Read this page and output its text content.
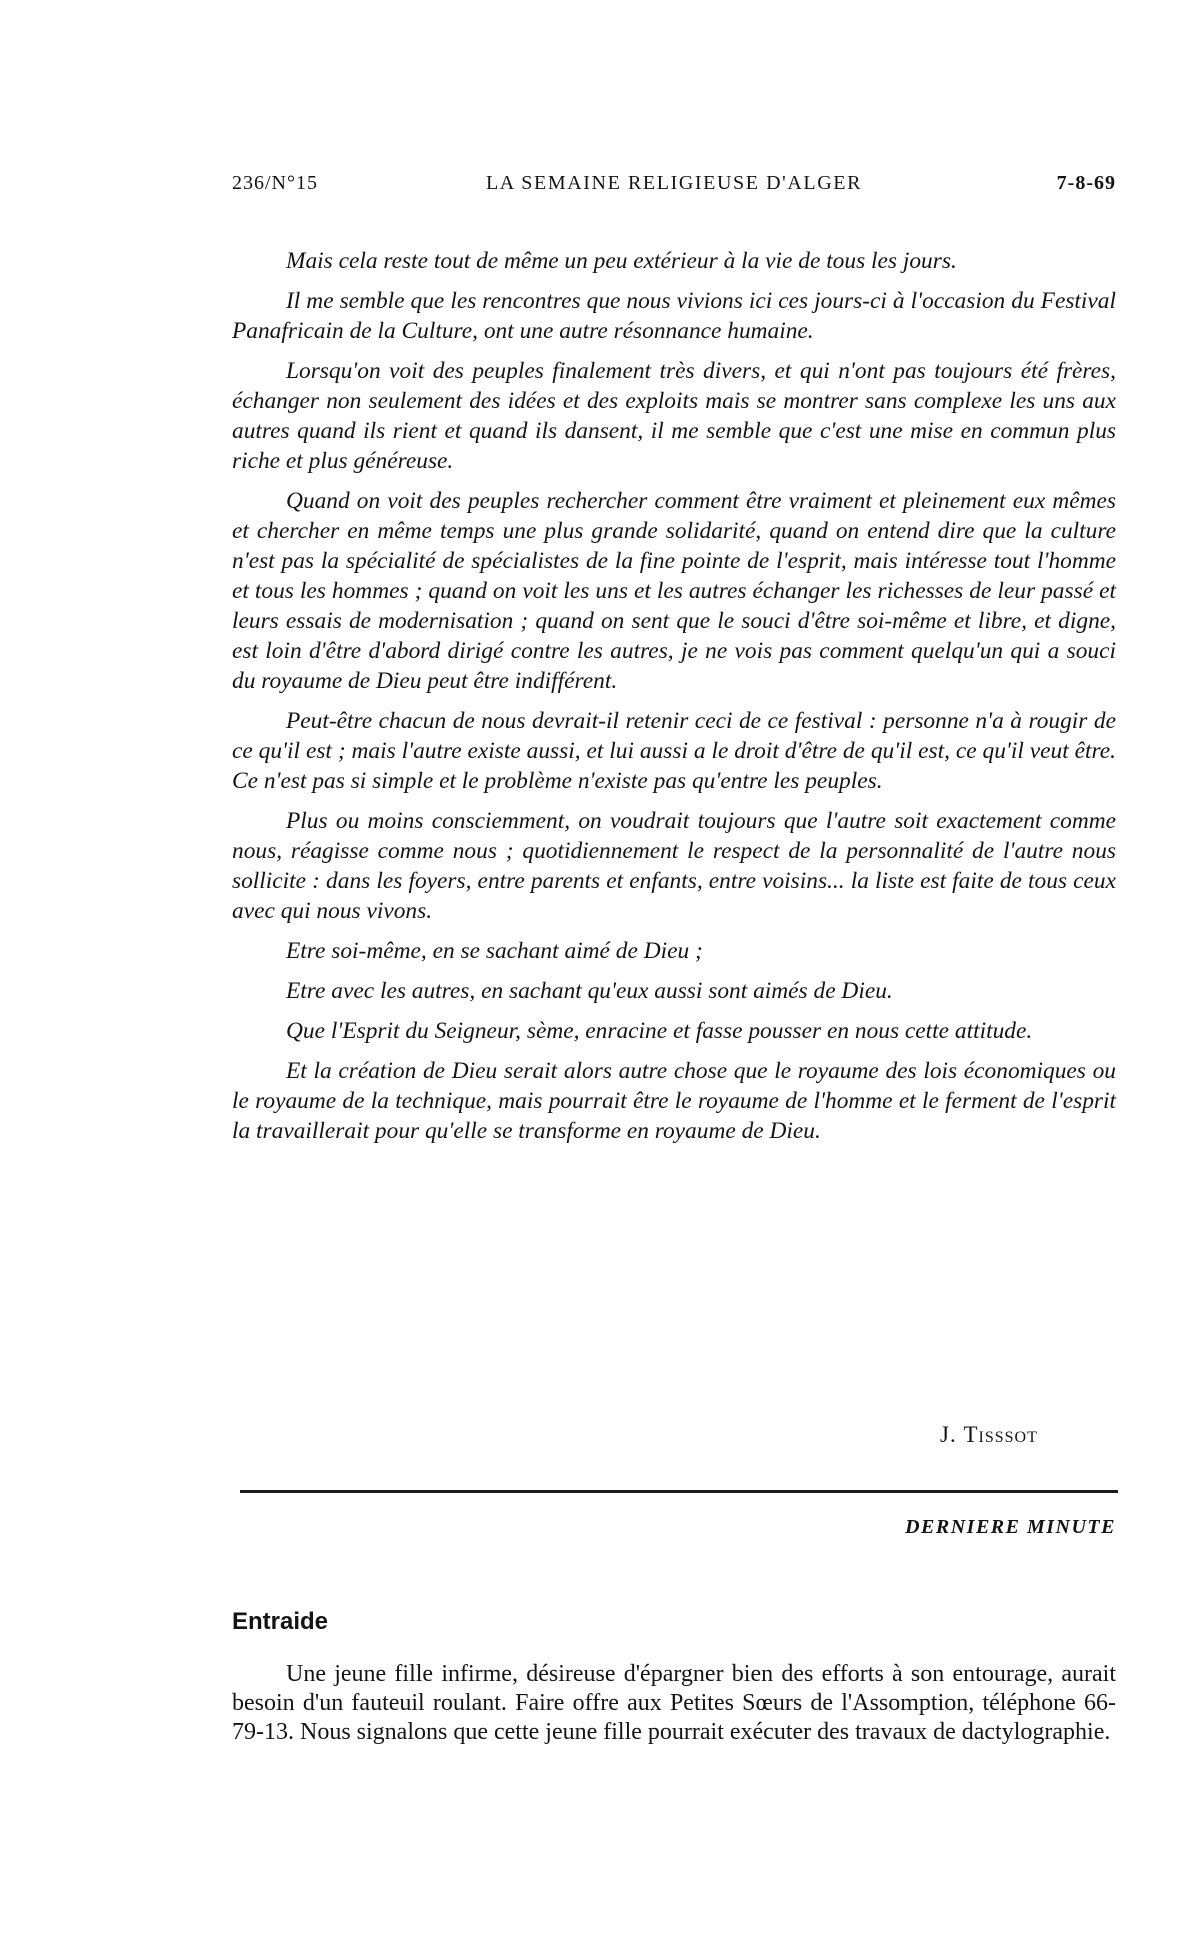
236/N°15	LA SEMAINE RELIGIEUSE D'ALGER	7-8-69

Mais cela reste tout de même un peu extérieur à la vie de tous les jours.

Il me semble que les rencontres que nous vivions ici ces jours-ci à l'occasion du Festival Panafricain de la Culture, ont une autre résonnance humaine.

Lorsqu'on voit des peuples finalement très divers, et qui n'ont pas toujours été frères, échanger non seulement des idées et des exploits mais se montrer sans complexe les uns aux autres quand ils rient et quand ils dansent, il me semble que c'est une mise en commun plus riche et plus généreuse.

Quand on voit des peuples rechercher comment être vraiment et pleinement eux mêmes et chercher en même temps une plus grande solidarité, quand on entend dire que la culture n'est pas la spécialité de spécialistes de la fine pointe de l'esprit, mais intéresse tout l'homme et tous les hommes ; quand on voit les uns et les autres échanger les richesses de leur passé et leurs essais de modernisation ; quand on sent que le souci d'être soi-même et libre, et digne, est loin d'être d'abord dirigé contre les autres, je ne vois pas comment quelqu'un qui a souci du royaume de Dieu peut être indifférent.

Peut-être chacun de nous devrait-il retenir ceci de ce festival : personne n'a à rougir de ce qu'il est ; mais l'autre existe aussi, et lui aussi a le droit d'être de qu'il est, ce qu'il veut être. Ce n'est pas si simple et le problème n'existe pas qu'entre les peuples.

Plus ou moins consciemment, on voudrait toujours que l'autre soit exactement comme nous, réagisse comme nous ; quotidiennement le respect de la personnalité de l'autre nous sollicite : dans les foyers, entre parents et enfants, entre voisins... la liste est faite de tous ceux avec qui nous vivons.

Etre soi-même, en se sachant aimé de Dieu ;

Etre avec les autres, en sachant qu'eux aussi sont aimés de Dieu.

Que l'Esprit du Seigneur, sème, enracine et fasse pousser en nous cette attitude.

Et la création de Dieu serait alors autre chose que le royaume des lois économiques ou le royaume de la technique, mais pourrait être le royaume de l'homme et le ferment de l'esprit la travaillerait pour qu'elle se transforme en royaume de Dieu.

J. Tisssot
DERNIERE MINUTE
Entraide

Une jeune fille infirme, désireuse d'épargner bien des efforts à son entourage, aurait besoin d'un fauteuil roulant. Faire offre aux Petites Sœurs de l'Assomption, téléphone 66-79-13. Nous signalons que cette jeune fille pourrait exécuter des travaux de dactylographie.
